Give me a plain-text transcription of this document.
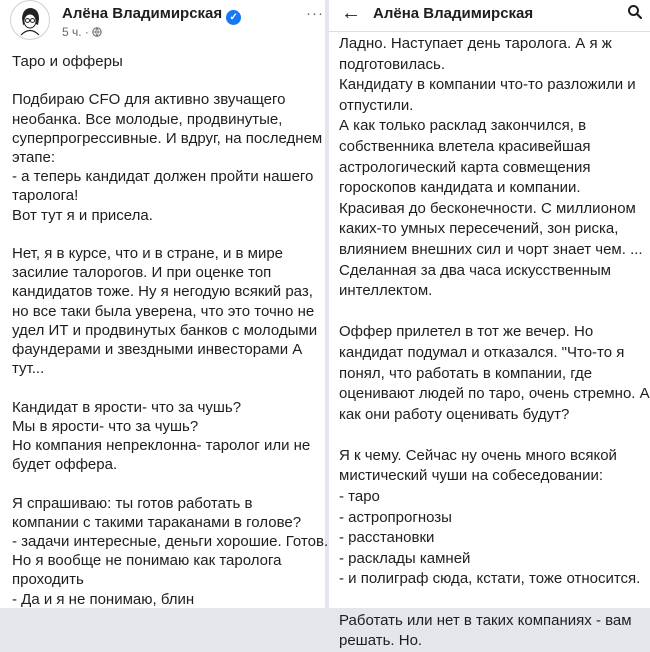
Алёна Владимирская ✓
5 ч. ·
···
Таро и офферы
Подбираю CFO для активно звучащего
необанка. Все молодые, продвинутые,
суперпрогрессивные. И вдруг, на последнем
этапе:
- а теперь кандидат должен пройти нашего
таролога!
Вот тут я и присела.
Нет, я в курсе, что и в стране, и в мире
засилие талорогов. И при оценке топ
кандидатов тоже. Ну я негодую всякий раз,
но все таки была уверена, что это точно не
удел ИТ и продвинутых банков с молодыми
фаундерами и звездными инвесторами А
тут...
Кандидат в ярости- что за чушь?
Мы в ярости- что за чушь?
Но компания непреклонна- таролог или не
будет оффера.
Я спрашиваю: ты готов работать в
компании с такими тараканами в голове?
- задачи интересные, деньги хорошие. Готов.
Но я вообще не понимаю как таролога
проходить
- Да и я не понимаю, блин
← Алёна Владимирская
Ладно. Наступает день таролога. А я ж
подготовилась.
Кандидату в компании что-то разложили и
отпустили.
А как только расклад закончился, в
собственника влетела красивейшая
астрологический карта совмещения
гороскопов кандидата и компании.
Красивая до бесконечности. С миллионом
каких-то умных пересечений, зон риска,
влиянием внешних сил и чорт знает чем. ...
Сделанная за два часа искусственным
интеллектом.
Оффер прилетел в тот же вечер. Но
кандидат подумал и отказался. "Что-то я
понял, что работать в компании, где
оценивают людей по таро, очень стремно. А
как они работу оценивать будут?
Я к чему. Сейчас ну очень много всякой
мистический чуши на собеседовании:
- таро
- астропрогнозы
- расстановки
- расклады камней
- и полиграф сюда, кстати, тоже относится.
Работать или нет в таких компаниях - вам
решать. Но.
